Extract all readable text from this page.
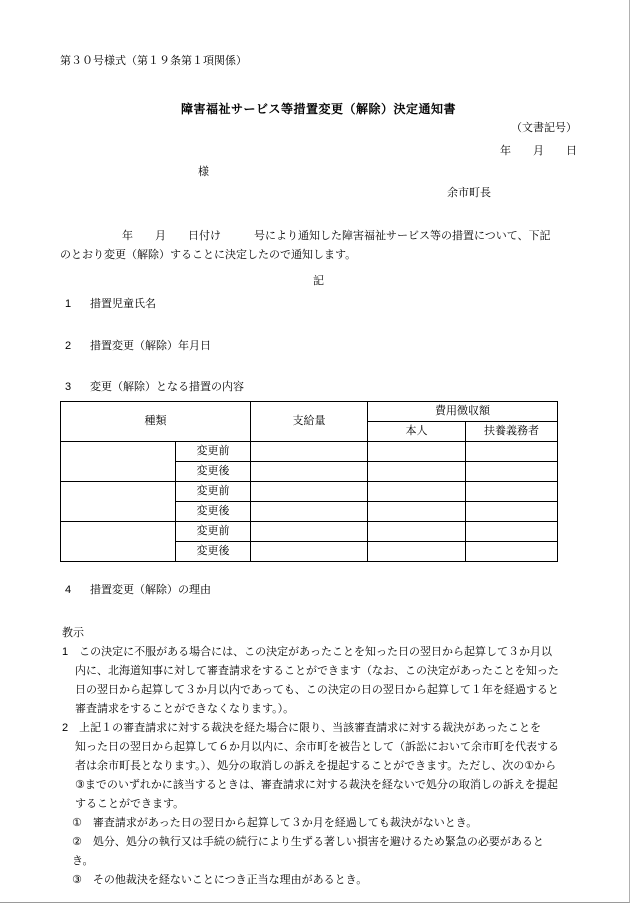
第３０号様式（第１９条第１項関係）
障害福祉サービス等措置変更（解除）決定通知書
（文書記号）
年　　月　　日
様
余市町長
年　　月　　日付け　　　号により通知した障害福祉サービス等の措置について、下記
のとおり変更（解除）することに決定したので通知します。
記
1 措置児童氏名
2 措置変更（解除）年月日
3 変更（解除）となる措置の内容
種類		支給量	費用徴収額	
			本人	扶養義務者
	変更前			
	変更後			
	変更前			
	変更後			
	変更前			
	変更後			
4 措置変更（解除）の理由
教示
1　この決定に不服がある場合には、この決定があったことを知った日の翌日から起算して３か月以
内に、北海道知事に対して審査請求をすることができます（なお、この決定があったことを知った
日の翌日から起算して３か月以内であっても、この決定の日の翌日から起算して１年を経過すると
審査請求をすることができなくなります。）。
2　上記１の審査請求に対する裁決を経た場合に限り、当該審査請求に対する裁決があったことを
知った日の翌日から起算して６か月以内に、余市町を被告として（訴訟において余市町を代表する
者は余市町長となります。）、処分の取消しの訴えを提起することができます。ただし、次の①から
③までのいずれかに該当するときは、審査請求に対する裁決を経ないで処分の取消しの訴えを提起
することができます。
①　審査請求があった日の翌日から起算して３か月を経過しても裁決がないとき。
②　処分、処分の執行又は手続の続行により生ずる著しい損害を避けるため緊急の必要があると
き。
③　その他裁決を経ないことにつき正当な理由があるとき。
